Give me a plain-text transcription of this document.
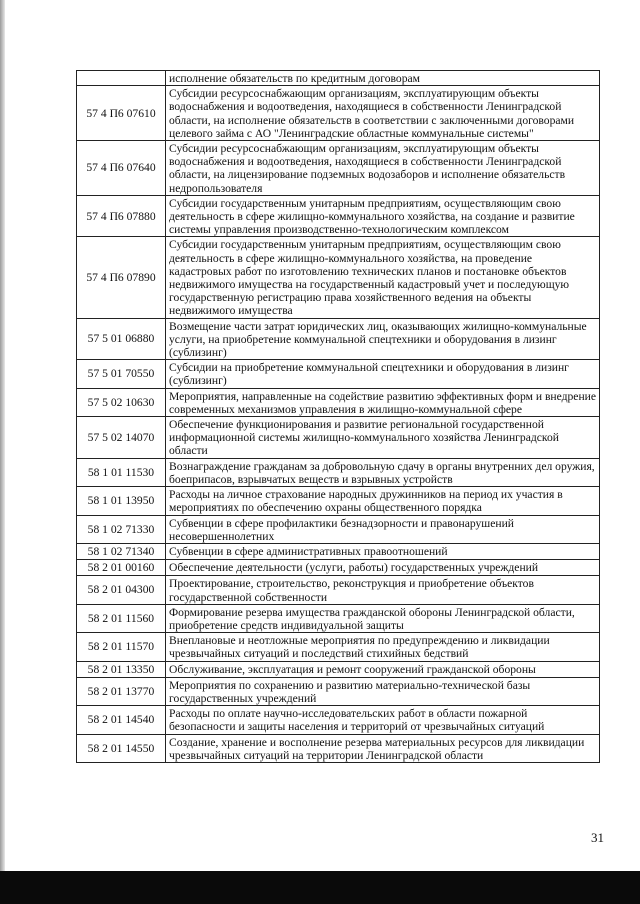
	исполнение обязательств по кредитным договорам
57 4 П6 07610	Субсидии ресурсоснабжающим организациям, эксплуатирующим объекты водоснабжения и водоотведения, находящиеся в собственности Ленинградской области, на исполнение обязательств в соответствии с заключенными договорами целевого займа с АО "Ленинградские областные коммунальные системы"
57 4 П6 07640	Субсидии ресурсоснабжающим организациям, эксплуатирующим объекты водоснабжения и водоотведения, находящиеся в собственности Ленинградской области, на лицензирование подземных водозаборов и исполнение обязательств недропользователя
57 4 П6 07880	Субсидии государственным унитарным предприятиям, осуществляющим свою деятельность в сфере жилищно-коммунального хозяйства, на создание и развитие системы управления производственно-технологическим комплексом
57 4 П6 07890	Субсидии государственным унитарным предприятиям, осуществляющим свою деятельность в сфере жилищно-коммунального хозяйства, на проведение кадастровых работ по изготовлению технических планов и постановке объектов недвижимого имущества на государственный кадастровый учет и последующую государственную регистрацию права хозяйственного ведения на объекты недвижимого имущества
57 5 01 06880	Возмещение части затрат юридических лиц, оказывающих жилищно-коммунальные услуги, на приобретение коммунальной спецтехники и оборудования в лизинг (сублизинг)
57 5 01 70550	Субсидии на приобретение коммунальной спецтехники и оборудования в лизинг (сублизинг)
57 5 02 10630	Мероприятия, направленные на содействие развитию эффективных форм и внедрение современных механизмов управления в жилищно-коммунальной сфере
57 5 02 14070	Обеспечение функционирования и развитие региональной государственной информационной системы жилищно-коммунального хозяйства Ленинградской области
58 1 01 11530	Вознаграждение гражданам за добровольную сдачу в органы внутренних дел оружия, боеприпасов, взрывчатых веществ и взрывных устройств
58 1 01 13950	Расходы на личное страхование народных дружинников на период их участия в мероприятиях по обеспечению охраны общественного порядка
58 1 02 71330	Субвенции в сфере профилактики безнадзорности и правонарушений несовершеннолетних
58 1 02 71340	Субвенции в сфере административных правоотношений
58 2 01 00160	Обеспечение деятельности (услуги, работы) государственных учреждений
58 2 01 04300	Проектирование, строительство, реконструкция и приобретение объектов государственной собственности
58 2 01 11560	Формирование резерва имущества гражданской обороны Ленинградской области, приобретение средств индивидуальной защиты
58 2 01 11570	Внеплановые и неотложные мероприятия по предупреждению и ликвидации чрезвычайных ситуаций и последствий стихийных бедствий
58 2 01 13350	Обслуживание, эксплуатация и ремонт сооружений гражданской обороны
58 2 01 13770	Мероприятия по сохранению и развитию материально-технической базы государственных учреждений
58 2 01 14540	Расходы по оплате научно-исследовательских работ в области пожарной безопасности и защиты населения и территорий от чрезвычайных ситуаций
58 2 01 14550	Создание, хранение и восполнение резерва материальных ресурсов для ликвидации чрезвычайных ситуаций на территории Ленинградской области
31
